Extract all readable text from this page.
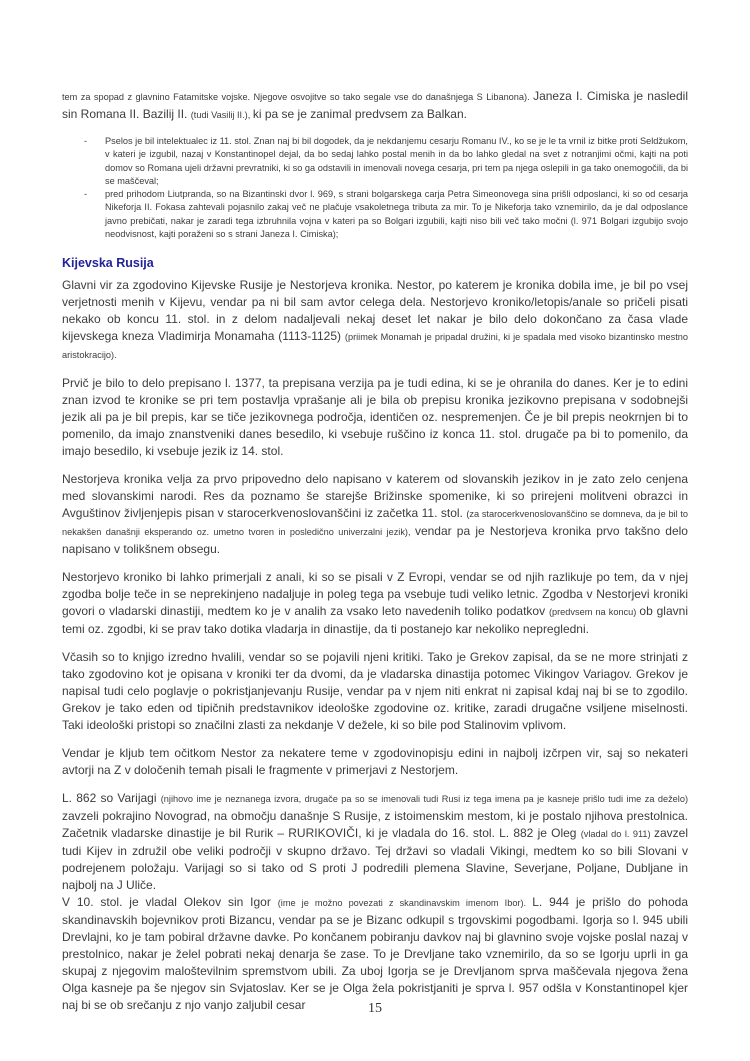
tem za spopad z glavnino Fatamitske vojske. Njegove osvojitve so tako segale vse do današnjega S Libanona). Janeza I. Cimiska je nasledil sin Romana II. Bazilij II. (tudi Vasilij II.), ki pa se je zanimal predvsem za Balkan.

-	Pselos je bil intelektualec iz 11. stol. Znan naj bi bil dogodek, da je nekdanjemu cesarju Romanu IV., ko se je le ta vrnil iz bitke proti Seldžukom, v kateri je izgubil, nazaj v Konstantinopel dejal, da bo sedaj lahko postal menih in da bo lahko gledal na svet z notranjimi očmi, kajti na poti domov so Romana ujeli državni prevratniki, ki so ga odstavili in imenovali novega cesarja, pri tem pa njega oslepili in ga tako onemogočili, da bi se maščeval;
-	pred prihodom Liutpranda, so na Bizantinski dvor l. 969, s strani bolgarskega carja Petra Simeonovega sina prišli odposlanci, ki so od cesarja Nikeforja II. Fokasa zahtevali pojasnilo zakaj več ne plačuje vsakoletnega tributa za mir. To je Nikeforja tako vznemirilo, da je dal odposlance javno prebičati, nakar je zaradi tega izbruhnila vojna v kateri pa so Bolgari izgubili, kajti niso bili več tako močni (l. 971 Bolgari izgubijo svojo neodvisnost, kajti poraženi so s strani Janeza I. Cimiska);
Kijevska Rusija

Glavni vir za zgodovino Kijevske Rusije je Nestorjeva kronika. Nestor, po katerem je kronika dobila ime, je bil po vsej verjetnosti menih v Kijevu, vendar pa ni bil sam avtor celega dela. Nestorjevo kroniko/letopis/anale so pričeli pisati nekako ob koncu 11. stol. in z delom nadaljevali nekaj deset let nakar je bilo delo dokončano za časa vlade kijevskega kneza Vladimirja Monamaha (1113-1125) (priimek Monamah je pripadal družini, ki je spadala med visoko bizantinsko mestno aristokracijo).

Prvič je bilo to delo prepisano l. 1377, ta prepisana verzija pa je tudi edina, ki se je ohranila do danes. Ker je to edini znan izvod te kronike se pri tem postavlja vprašanje ali je bila ob prepisu kronika jezikovno prepisana v sodobnejši jezik ali pa je bil prepis, kar se tiče jezikovnega področja, identičen oz. nespremenjen. Če je bil prepis neokrnjen bi to pomenilo, da imajo znanstveniki danes besedilo, ki vsebuje ruščino iz konca 11. stol. drugače pa bi to pomenilo, da imajo besedilo, ki vsebuje jezik iz 14. stol.

Nestorjeva kronika velja za prvo pripovedno delo napisano v katerem od slovanskih jezikov in je zato zelo cenjena med slovanskimi narodi. Res da poznamo še starejše Brižinske spomenike, ki so prirejeni molitveni obrazci in Avguštinov življenjepis pisan v starocerkvenoslovanščini iz začetka 11. stol. (za starocerkvenoslovanščino se domneva, da je bil to nekakšen današnji eksperando oz. umetno tvoren in posledično univerzalni jezik), vendar pa je Nestorjeva kronika prvo takšno delo napisano v tolikšnem obsegu.

Nestorjevo kroniko bi lahko primerjali z anali, ki so se pisali v Z Evropi, vendar se od njih razlikuje po tem, da v njej zgodba bolje teče in se neprekinjeno nadaljuje in poleg tega pa vsebuje tudi veliko letnic. Zgodba v Nestorjevi kroniki govori o vladarski dinastiji, medtem ko je v analih za vsako leto navedenih toliko podatkov (predvsem na koncu) ob glavni temi oz. zgodbi, ki se prav tako dotika vladarja in dinastije, da ti postanejo kar nekoliko nepregledni.

Včasih so to knjigo izredno hvalili, vendar so se pojavili njeni kritiki. Tako je Grekov zapisal, da se ne more strinjati z tako zgodovino kot je opisana v kroniki ter da dvomi, da je vladarska dinastija potomec Vikingov Variagov. Grekov je napisal tudi celo poglavje o pokristjanjevanju Rusije, vendar pa v njem niti enkrat ni zapisal kdaj naj bi se to zgodilo. Grekov je tako eden od tipičnih predstavnikov ideološke zgodovine oz. kritike, zaradi drugačne vsiljene miselnosti. Taki ideološki pristopi so značilni zlasti za nekdanje V dežele, ki so bile pod Stalinovim vplivom.

Vendar je kljub tem očitkom Nestor za nekatere teme v zgodovinopisju edini in najbolj izčrpen vir, saj so nekateri avtorji na Z v določenih temah pisali le fragmente v primerjavi z Nestorjem.

L. 862 so Varijagi (njihovo ime je neznanega izvora, drugače pa so se imenovali tudi Rusi iz tega imena pa je kasneje prišlo tudi ime za deželo) zavzeli pokrajino Novograd, na območju današnje S Rusije, z istoimenskim mestom, ki je postalo njihova prestolnica. Začetnik vladarske dinastije je bil Rurik – RURIKOVIČI, ki je vladala do 16. stol. L. 882 je Oleg (vladal do l. 911) zavzel tudi Kijev in združil obe veliki področji v skupno državo. Tej državi so vladali Vikingi, medtem ko so bili Slovani v podrejenem položaju. Varijagi so si tako od S proti J podredili plemena Slavine, Severjane, Poljane, Dubljane in najbolj na J Uliče.

V 10. stol. je vladal Olekov sin Igor (ime je možno povezati z skandinavskim imenom Ibor). L. 944 je prišlo do pohoda skandinavskih bojevnikov proti Bizancu, vendar pa se je Bizanc odkupil s trgovskimi pogodbami. Igorja so l. 945 ubili Drevlajni, ko je tam pobiral državne davke. Po končanem pobiranju davkov naj bi glavnino svoje vojske poslal nazaj v prestolnico, nakar je želel pobrati nekaj denarja še zase. To je Drevljane tako vznemirilo, da so se Igorju uprli in ga skupaj z njegovim maloštevilnim spremstvom ubili. Za uboj Igorja se je Drevljanom sprva maščevala njegova žena Olga kasneje pa še njegov sin Svjatoslav. Ker se je Olga žela pokristjaniti je sprva l. 957 odšla v Konstantinopel kjer naj bi se ob srečanju z njo vanjo zaljubil cesar	15
